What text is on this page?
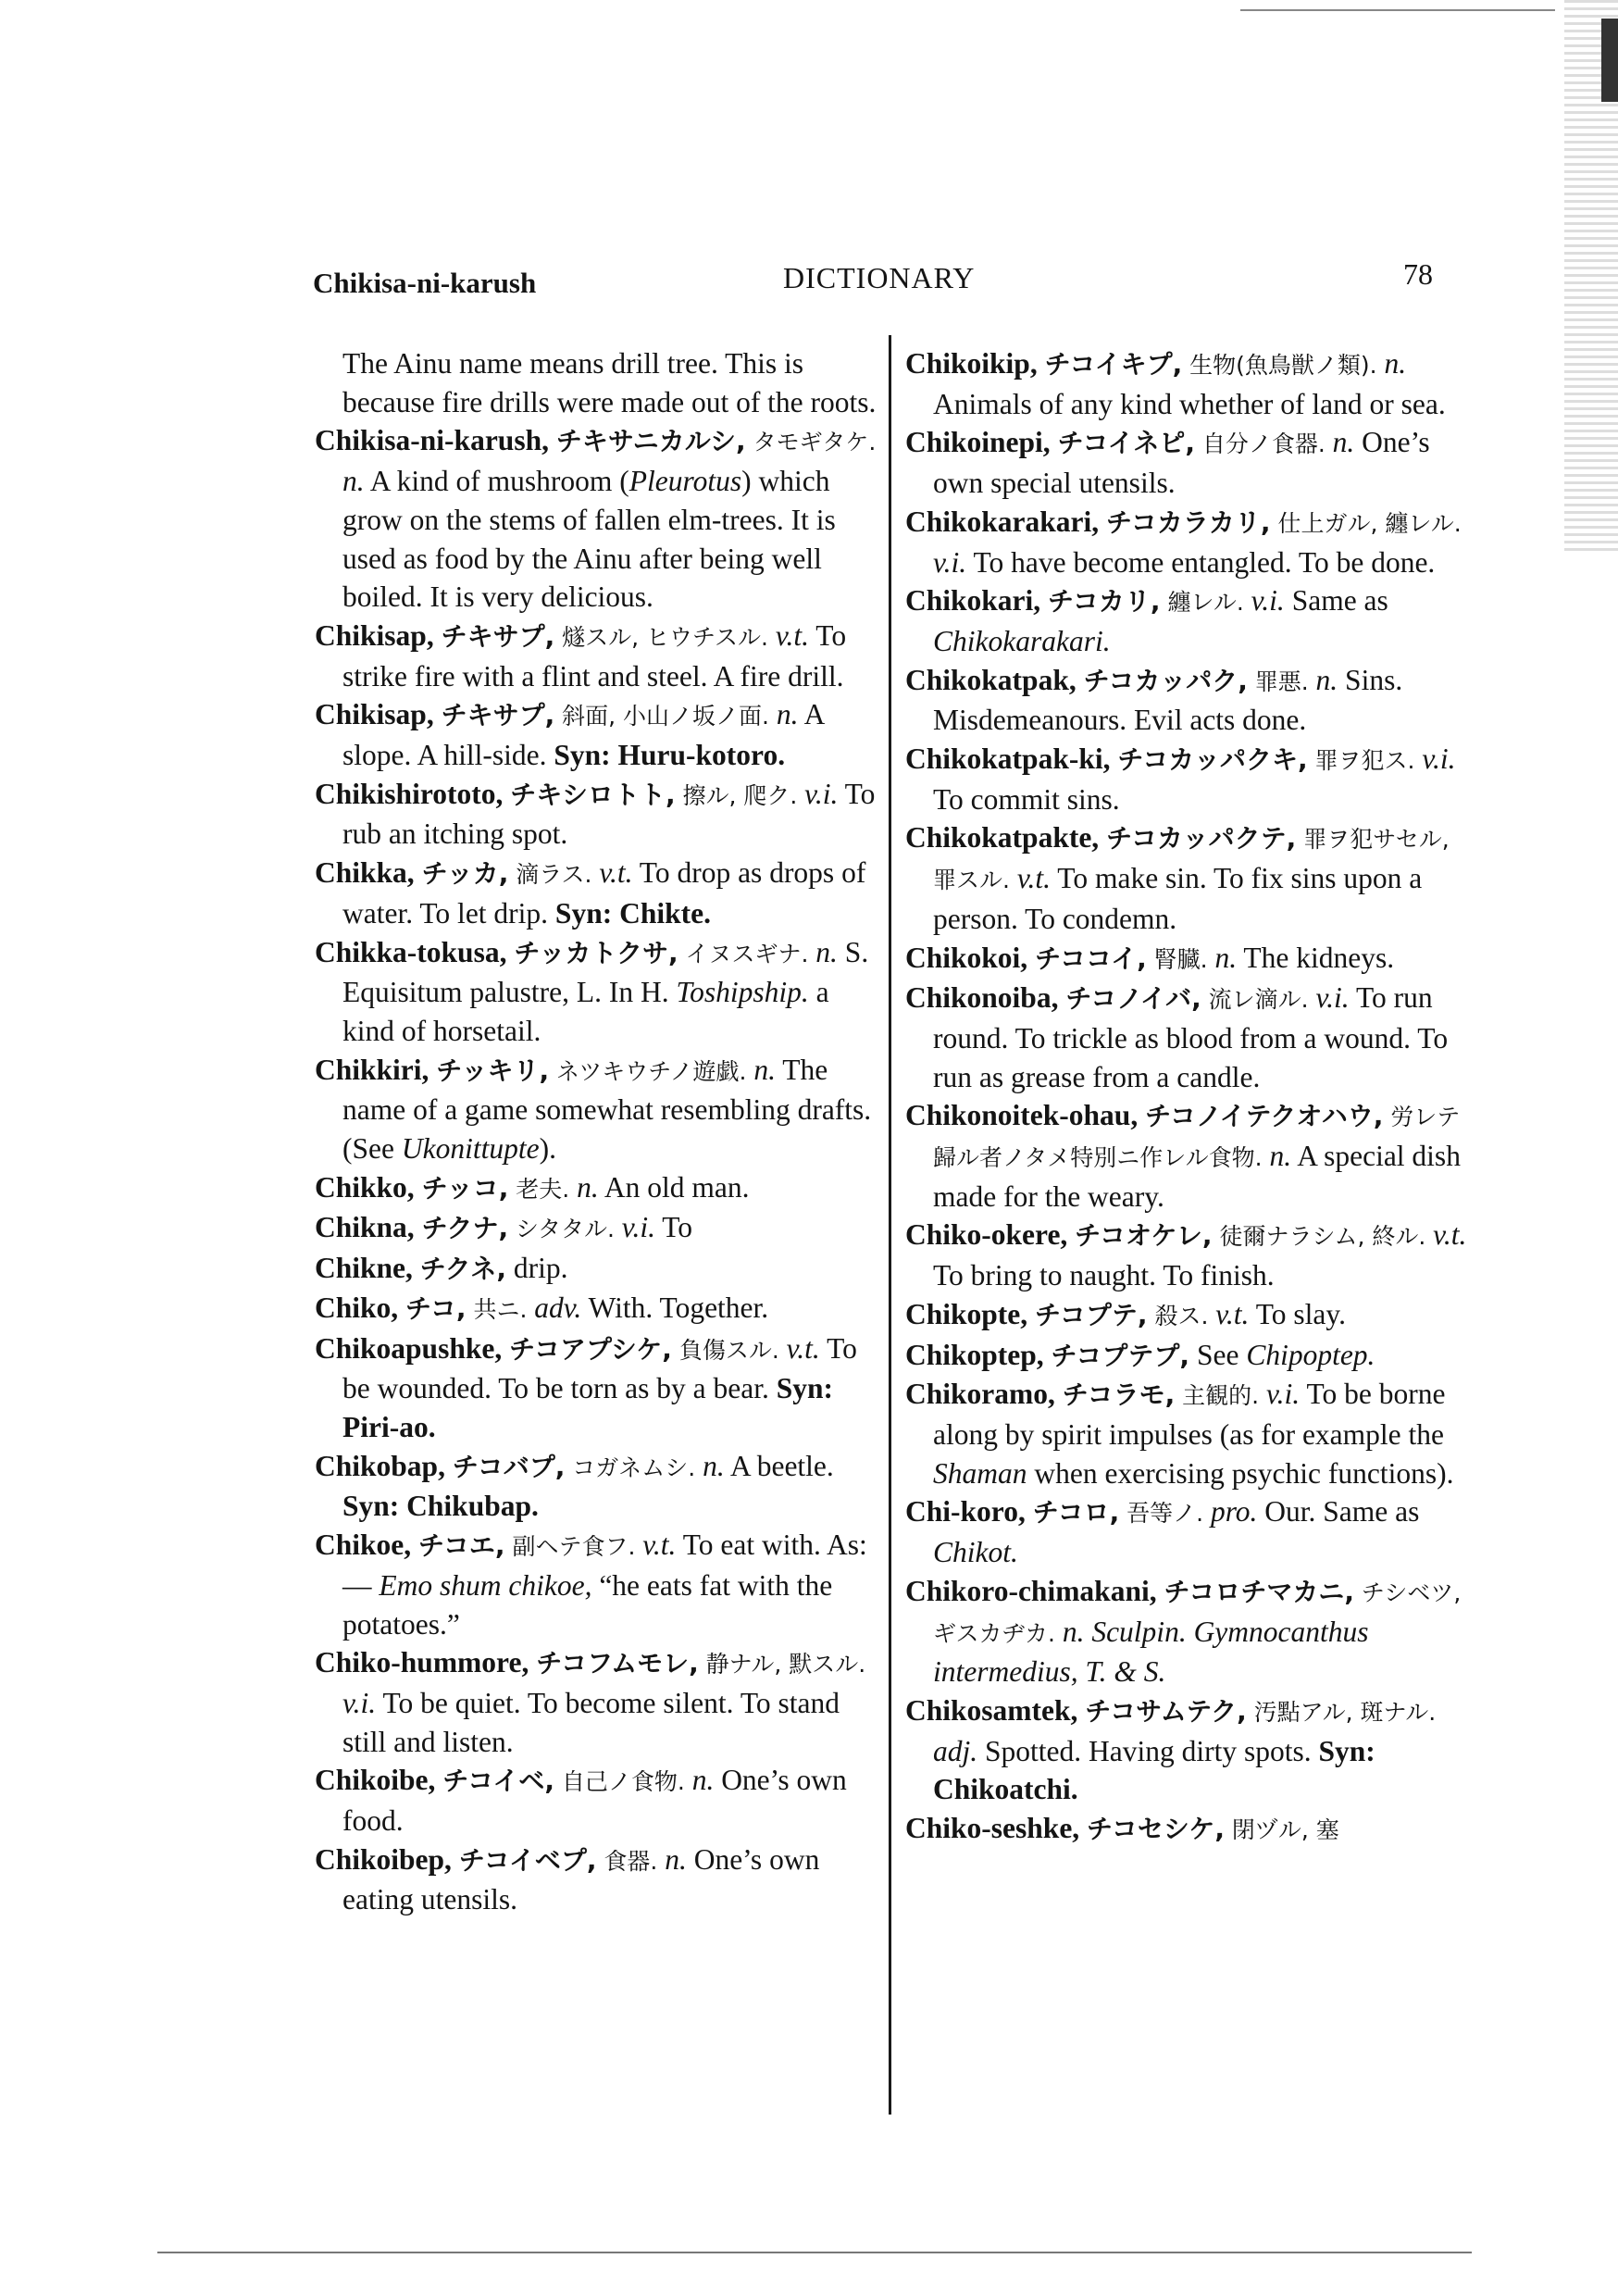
Chikisa-ni-karush	DICTIONARY	78
The Ainu name means drill tree. This is because fire drills were made out of the roots.
Chikisa-ni-karush, チキサニカルシ, タモギタケ. n. A kind of mushroom (Pleurotus) which grow on the stems of fallen elm-trees. It is used as food by the Ainu after being well boiled. It is very delicious.
Chikisap, チキサプ, 燧スル, ヒウチスル. v.t. To strike fire with a flint and steel. A fire drill.
Chikisap, チキサプ, 斜面, 小山ノ坂ノ面. n. A slope. A hill-side. Syn: Huru-kotoro.
Chikishirototo, チキシロトト, 擦ル, 爬ク. v.i. To rub an itching spot.
Chikka, チッカ, 滴ラス. v.t. To drop as drops of water. To let drip. Syn: Chikte.
Chikka-tokusa, チッカトクサ, イヌスギナ. n. S. Equisitum palustre, L. In H. Toshipship. a kind of horsetail.
Chikkiri, チッキリ, ネツキウチノ遊戯. n. The name of a game somewhat resembling drafts. (See Ukonittupte).
Chikko, チッコ, 老夫. n. An old man.
Chikna, チクナ, シタタル. v.i. To
Chikne, チクネ, drip.
Chiko, チコ, 共ニ. adv. With. Together.
Chikoapushke, チコアプシケ, 負傷スル. v.t. To be wounded. To be torn as by a bear. Syn: Piri-ao.
Chikobap, チコバプ, コガネムシ. n. A beetle. Syn: Chikubap.
Chikoe, チコエ, 副ヘテ食フ. v.t. To eat with. As:— Emo shum chikoe, “he eats fat with the potatoes.”
Chiko-hummore, チコフムモレ, 静ナル, 默スル. v.i. To be quiet. To become silent. To stand still and listen.
Chikoibe, チコイベ, 自己ノ食物. n. One’s own food.
Chikoibep, チコイベプ, 食器. n. One’s own eating utensils.
Chikoikip, チコイキプ, 生物(魚鳥獣ノ類). n. Animals of any kind whether of land or sea.
Chikoinepi, チコイネピ, 自分ノ食器. n. One’s own special utensils.
Chikokarakari, チコカラカリ, 仕上ガル, 纏レル. v.i. To have become entangled. To be done.
Chikokari, チコカリ, 纏レル. v.i. Same as Chikokarakari.
Chikokatpak, チコカッパク, 罪悪. n. Sins. Misdemeanours. Evil acts done.
Chikokatpak-ki, チコカッパクキ, 罪ヲ犯ス. v.i. To commit sins.
Chikokatpakte, チコカッパクテ, 罪ヲ犯サセル, 罪スル. v.t. To make sin. To fix sins upon a person. To condemn.
Chikokoi, チココイ, 腎臓. n. The kidneys.
Chikonoiba, チコノイバ, 流レ滴ル. v.i. To run round. To trickle as blood from a wound. To run as grease from a candle.
Chikonoitek-ohau, チコノイテクオハウ, 労レテ歸ル者ノタメ特別ニ作レル食物. n. A special dish made for the weary.
Chiko-okere, チコオケレ, 徒爾ナラシム, 終ル. v.t. To bring to naught. To finish.
Chikopte, チコプテ, 殺ス. v.t. To slay.
Chikoptep, チコプテプ, See Chipoptep.
Chikoramo, チコラモ, 主観的. v.i. To be borne along by spirit impulses (as for example the Shaman when exercising psychic functions).
Chi-koro, チコロ, 吾等ノ. pro. Our. Same as Chikot.
Chikoro-chimakani, チコロチマカニ, チシベツ, ギスカヂカ. n. Sculpin. Gymnocanthus intermedius, T. & S.
Chikosamtek, チコサムテク, 汚點アル, 斑ナル. adj. Spotted. Having dirty spots. Syn: Chikoatchi.
Chiko-seshke, チコセシケ, 閉ヅル, 塞
